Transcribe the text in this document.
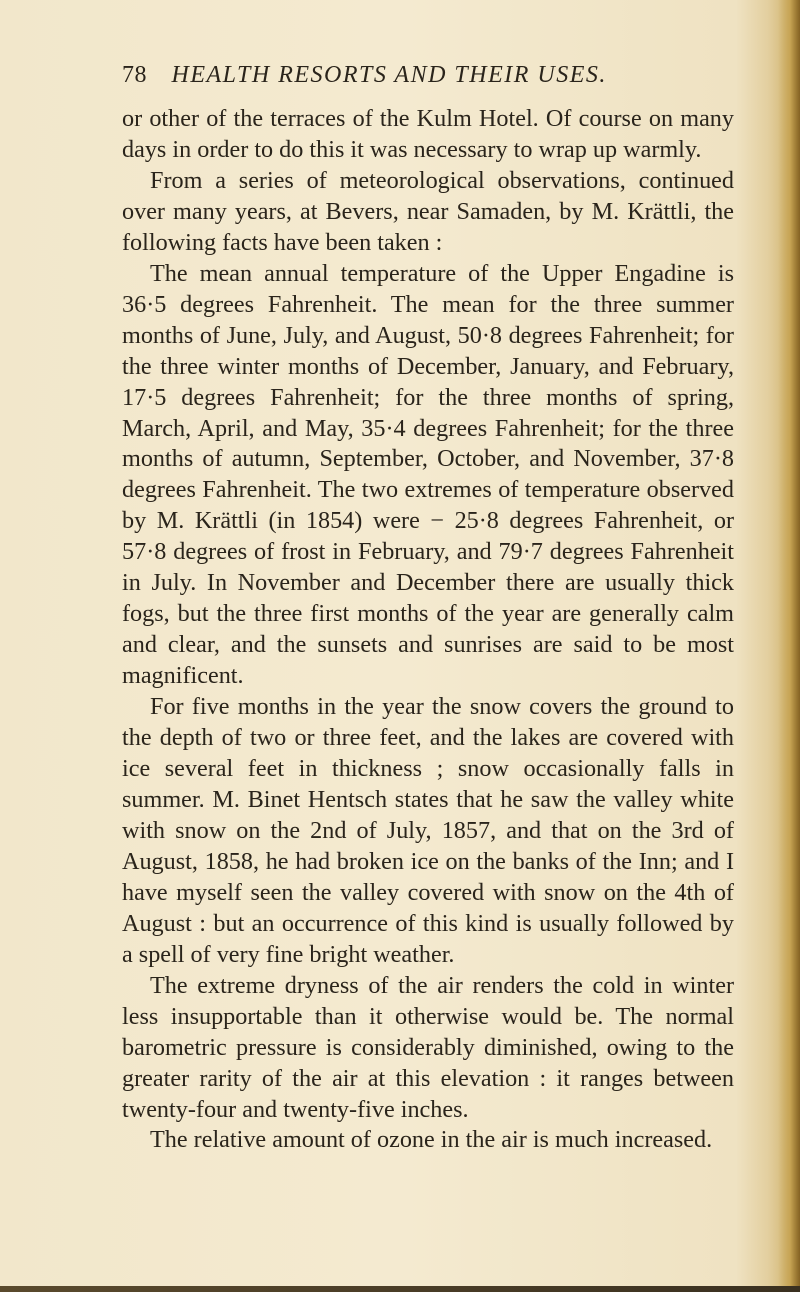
78 HEALTH RESORTS AND THEIR USES.

or other of the terraces of the Kulm Hotel. Of course on many days in order to do this it was necessary to wrap up warmly.

From a series of meteorological observations, continued over many years, at Bevers, near Samaden, by M. Krättli, the following facts have been taken :

The mean annual temperature of the Upper Engadine is 36·5 degrees Fahrenheit. The mean for the three summer months of June, July, and August, 50·8 degrees Fahrenheit; for the three winter months of December, January, and February, 17·5 degrees Fahrenheit; for the three months of spring, March, April, and May, 35·4 degrees Fahrenheit; for the three months of autumn, September, October, and November, 37·8 degrees Fahrenheit. The two extremes of temperature observed by M. Krättli (in 1854) were − 25·8 degrees Fahrenheit, or 57·8 degrees of frost in February, and 79·7 degrees Fahrenheit in July. In November and December there are usually thick fogs, but the three first months of the year are generally calm and clear, and the sunsets and sunrises are said to be most magnificent.

For five months in the year the snow covers the ground to the depth of two or three feet, and the lakes are covered with ice several feet in thickness ; snow occasionally falls in summer. M. Binet Hentsch states that he saw the valley white with snow on the 2nd of July, 1857, and that on the 3rd of August, 1858, he had broken ice on the banks of the Inn; and I have myself seen the valley covered with snow on the 4th of August : but an occurrence of this kind is usually followed by a spell of very fine bright weather.

The extreme dryness of the air renders the cold in winter less insupportable than it otherwise would be. The normal barometric pressure is considerably diminished, owing to the greater rarity of the air at this elevation : it ranges between twenty-four and twenty-five inches.

The relative amount of ozone in the air is much increased.
